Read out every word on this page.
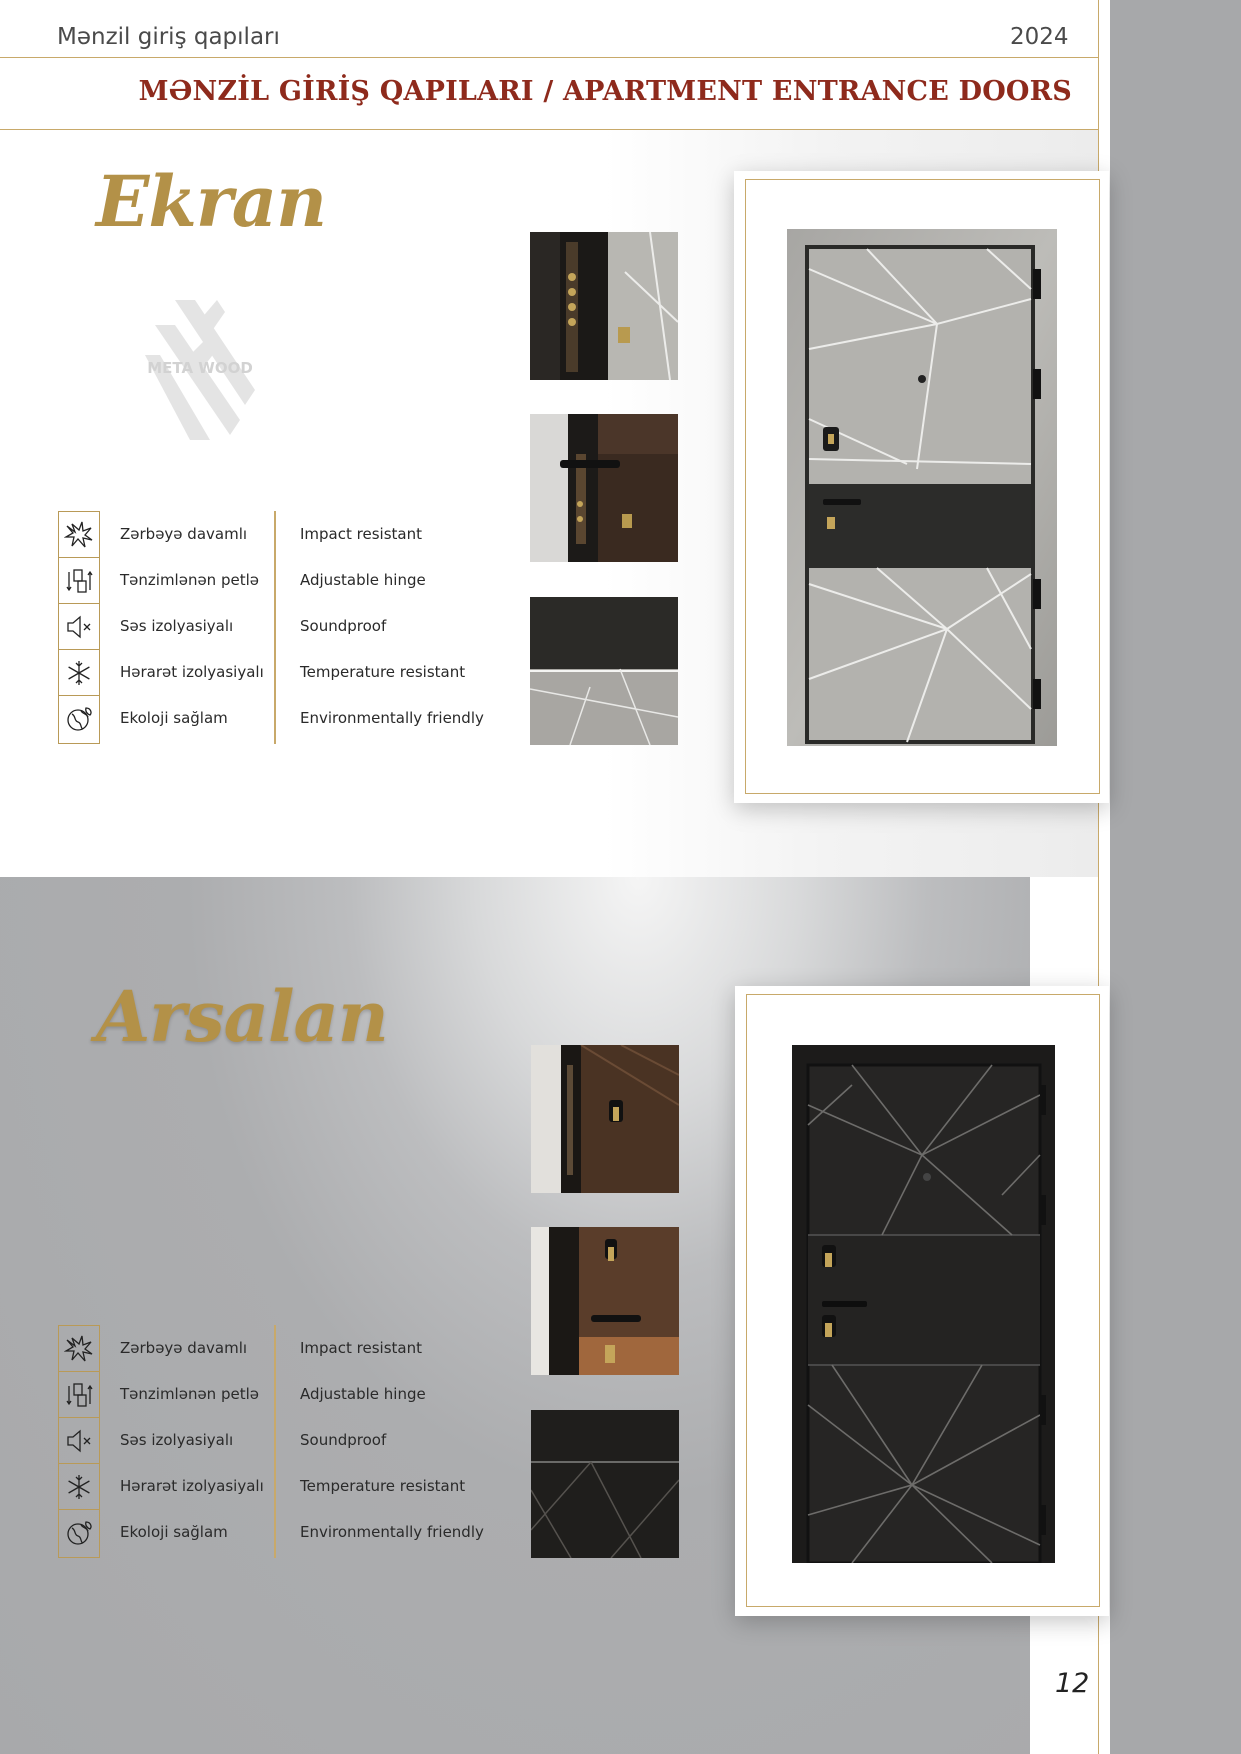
Mənzil giriş qapıları	2024
MƏNZİL GİRİŞ QAPILARI / APARTMENT ENTRANCE DOORS
Ekran
META WOOD
Zərbəyə davamlı
Tənzimlənən petlə
Səs izolyasiyalı
Hərarət izolyasiyalı
Ekoloji sağlam
Impact resistant
Adjustable hinge
Soundproof
Temperature resistant
Environmentally friendly
Arsalan
Zərbəyə davamlı
Tənzimlənən petlə
Səs izolyasiyalı
Hərarət izolyasiyalı
Ekoloji sağlam
Impact resistant
Adjustable hinge
Soundproof
Temperature resistant
Environmentally friendly
12
